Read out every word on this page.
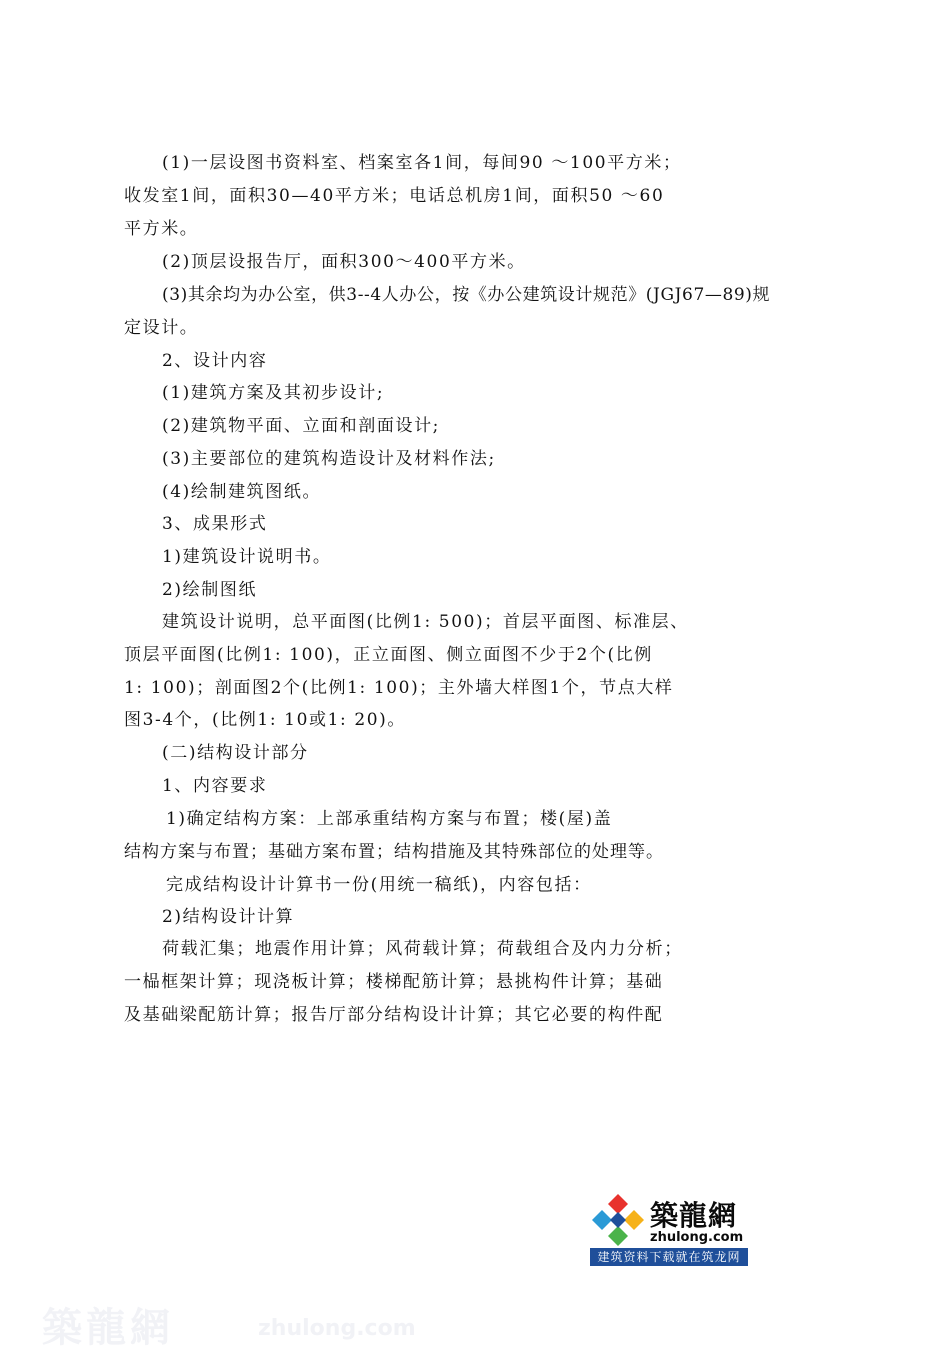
(1)一层设图书资料室、档案室各1间，每间90 ～100平方米；
收发室1间，面积30—40平方米；电话总机房1间，面积50 ～60
平方米。
(2)顶层设报告厅，面积300～400平方米。
(3)其余均为办公室，供3--4人办公，按《办公建筑设计规范》(JGJ67—89)规
定设计。
2、设计内容
(1)建筑方案及其初步设计;
(2)建筑物平面、立面和剖面设计;
(3)主要部位的建筑构造设计及材料作法;
(4)绘制建筑图纸。
3、成果形式
1)建筑设计说明书。
2)绘制图纸
建筑设计说明，总平面图(比例1: 500)；首层平面图、标准层、
顶层平面图(比例1: 100)，正立面图、侧立面图不少于2个(比例
1: 100)；剖面图2个(比例1: 100)；主外墙大样图1个，节点大样
图3-4个，(比例1: 10或1: 20)。
(二)结构设计部分
1、内容要求
1)确定结构方案：上部承重结构方案与布置；楼(屋)盖
结构方案与布置；基础方案布置；结构措施及其特殊部位的处理等。
完成结构设计计算书一份(用统一稿纸)，内容包括：
2)结构设计计算
荷载汇集；地震作用计算；风荷载计算；荷载组合及内力分析；
一榀框架计算；现浇板计算；楼梯配筋计算；悬挑构件计算；基础
及基础梁配筋计算；报告厅部分结构设计计算；其它必要的构件配
築龍網
zhulong.com
建筑资料下载就在筑龙网
築龍網	zhulong.com
